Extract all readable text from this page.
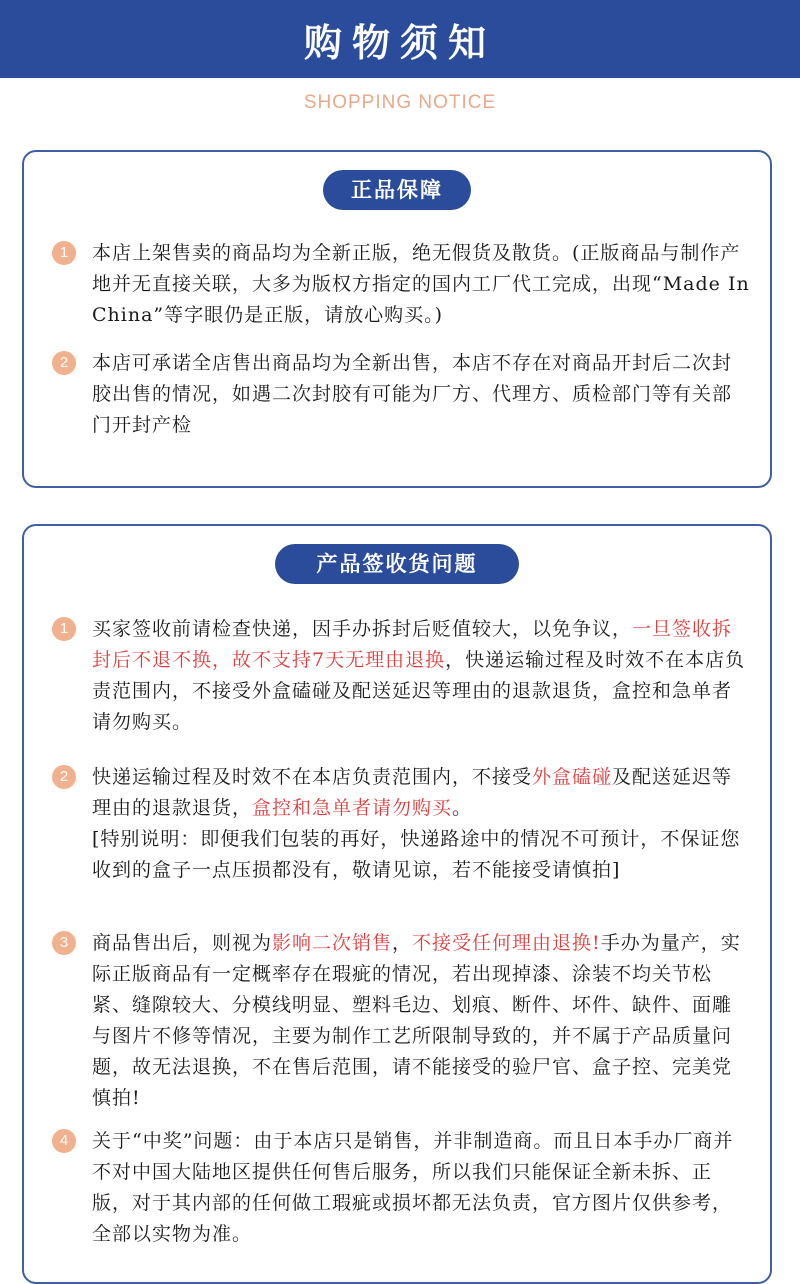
购物须知
SHOPPING NOTICE
正品保障
1	本店上架售卖的商品均为全新正版，绝无假货及散货。(正版商品与制作产地并无直接关联，大多为版权方指定的国内工厂代工完成，出现“Made In China”等字眼仍是正版，请放心购买。)
2	本店可承诺全店售出商品均为全新出售，本店不存在对商品开封后二次封胶出售的情况，如遇二次封胶有可能为厂方、代理方、质检部门等有关部门开封产检
产品签收货问题
1	买家签收前请检查快递，因手办拆封后贬值较大，以免争议，一旦签收拆封后不退不换，故不支持7天无理由退换，快递运输过程及时效不在本店负责范围内，不接受外盒磕碰及配送延迟等理由的退款退货，盒控和急单者请勿购买。
2	快递运输过程及时效不在本店负责范围内，不接受外盒磕碰及配送延迟等理由的退款退货，盒控和急单者请勿购买。
[特别说明：即便我们包装的再好，快递路途中的情况不可预计，不保证您收到的盒子一点压损都没有，敬请见谅，若不能接受请慎拍]
3	商品售出后，则视为影响二次销售，不接受任何理由退换!手办为量产，实际正版商品有一定概率存在瑕疵的情况，若出现掉漆、涂装不均关节松紧、缝隙较大、分模线明显、塑料毛边、划痕、断件、坏件、缺件、面雕与图片不修等情况，主要为制作工艺所限制导致的，并不属于产品质量问题，故无法退换，不在售后范围，请不能接受的验尸官、盒子控、完美党慎拍!
4	关于“中奖”问题：由于本店只是销售，并非制造商。而且日本手办厂商并不对中国大陆地区提供任何售后服务，所以我们只能保证全新未拆、正版，对于其内部的任何做工瑕疵或损坏都无法负责，官方图片仅供参考，全部以实物为准。
